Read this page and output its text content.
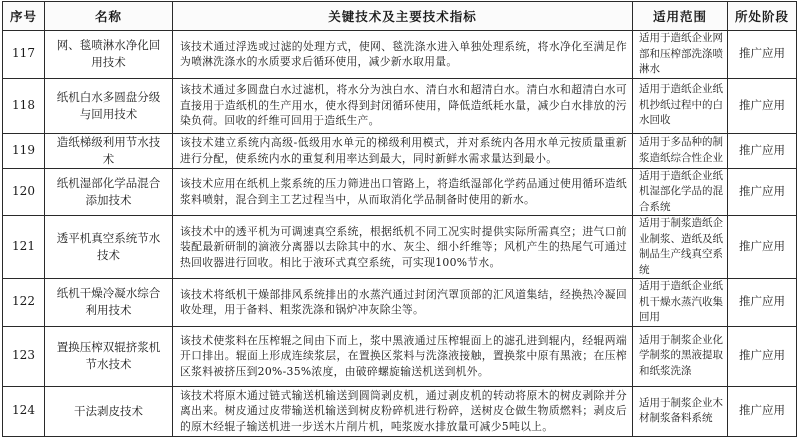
序号	名称	关键技术及主要技术指标	适用范围	所处阶段
117	网、毯喷淋水净化回用技术	该技术通过浮选或过滤的处理方式，使网、毯洗涤水进入单独处理系统，将水净化至满足作为喷淋洗涤水的水质要求后循环使用，减少新水取用量。	适用于造纸企业网部和压榨部洗涤喷淋水	推广应用
118	纸机白水多圆盘分级与回用技术	该技术通过多圆盘白水过滤机，将水分为浊白水、清白水和超清白水。清白水和超清白水可直接用于造纸机的生产用水，使水得到封闭循环使用，降低造纸耗水量，减少白水排放的污染负荷。回收的纤维可回用于造纸生产。	适用于造纸企业纸机抄纸过程中的白水回收	推广应用
119	造纸梯级利用节水技术	该技术建立系统内高级-低级用水单元的梯级利用模式，并对系统内各用水单元按质量重新进行分配，使系统内水的重复利用率达到最大，同时新鲜水需求量达到最小。	适用于多品种的制浆造纸综合性企业	推广应用
120	纸机湿部化学品混合添加技术	该技术应用在纸机上浆系统的压力筛进出口管路上，将造纸湿部化学药品通过使用循环造纸浆料喷射，混合到主工艺过程当中，从而取消化学品制备时使用的新水。	适用于造纸企业纸机湿部化学品的混合系统	推广应用
121	透平机真空系统节水技术	该技术中的透平机为可调速真空系统，根据纸机不同工况实时提供实际所需真空；进气口前装配最新研制的滴液分离器以去除其中的水、灰尘、细小纤维等；风机产生的热尾气可通过热回收器进行回收。相比于液环式真空系统，可实现100%节水。	适用于制浆造纸企业制浆、造纸及纸制品生产线真空系统	推广应用
122	纸机干燥冷凝水综合利用技术	该技术将纸机干燥部排风系统排出的水蒸汽通过封闭汽罩顶部的汇风道集结，经换热冷凝回收处理，用于备料、粗浆洗涤和锅炉冲灰除尘等。	适用于造纸企业纸机干燥水蒸汽收集回用	推广应用
123	置换压榨双辊挤浆机节水技术	该技术使浆料在压榨辊之间由下而上，浆中黑液通过压榨辊面上的滤孔进到辊内，经辊两端开口排出。辊面上形成连续浆层，在置换区浆料与洗涤液接触，置换浆中原有黑液；在压榨区浆料被挤压到20%-35%浓度，由破碎螺旋输送机送到机外。	适用于制浆企业化学制浆的黑液提取和纸浆洗涤	推广应用
124	干法剥皮技术	该技术将原木通过链式输送机输送到圆筒剥皮机，通过剥皮机的转动将原木的树皮剥除并分离出来。树皮通过皮带输送机输送到树皮粉碎机进行粉碎，送树皮仓做生物质燃料；剥皮后的原木经辊子输送机进一步送木片削片机，吨浆废水排放量可减少5吨以上。	适用于制浆企业木材制浆备料系统	推广应用
